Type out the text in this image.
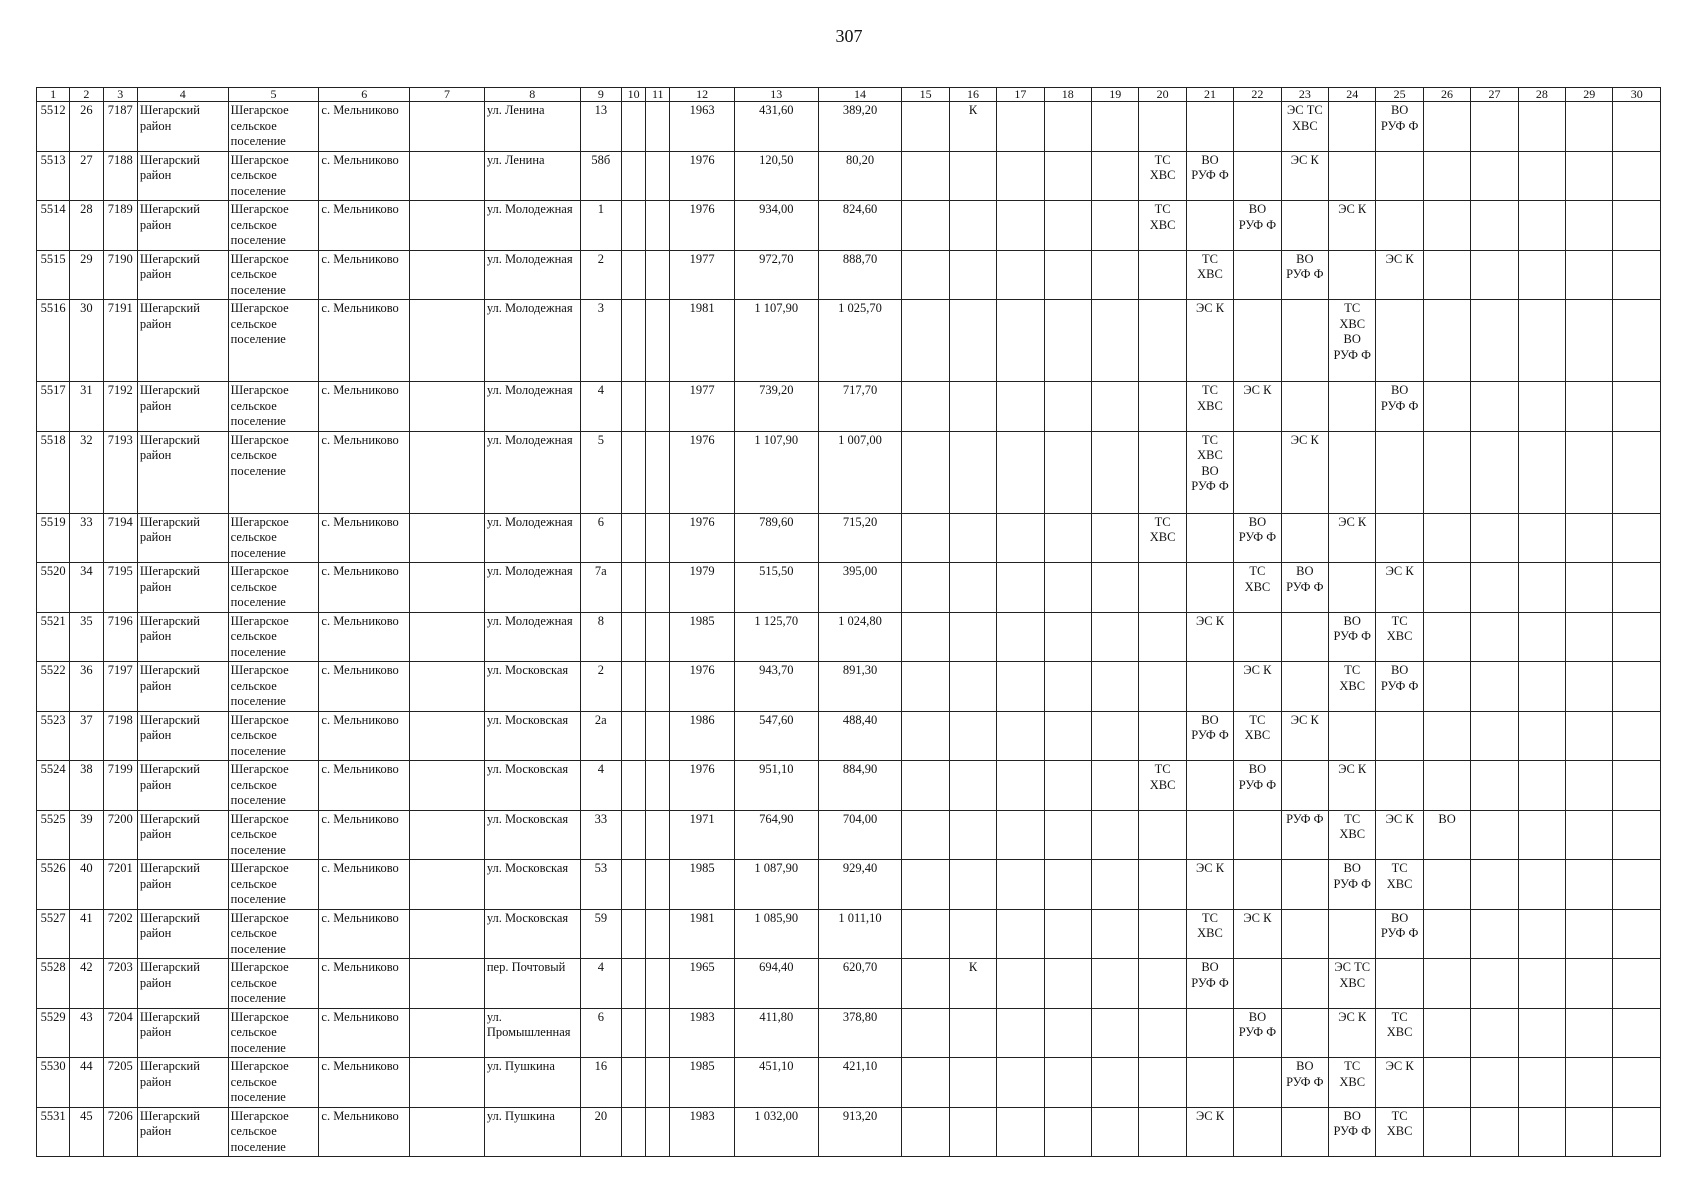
307
1	2	3	4	5	6	7	8	9	10	11	12	13	14	15	16	17	18	19	20	21	22	23	24	25	26	27	28	29	30
5512	26	7187	Шегарский район	Шегарское сельское поселение	с. Мельниково		ул. Ленина	13			1963	431,60	389,20		К							ЭС ТС ХВС		ВО РУФ Ф					
5513	27	7188	Шегарский район	Шегарское сельское поселение	с. Мельниково		ул. Ленина	58б			1976	120,50	80,20						ТС ХВС	ВО РУФ Ф		ЭС К							
5514	28	7189	Шегарский район	Шегарское сельское поселение	с. Мельниково		ул. Молодежная	1			1976	934,00	824,60						ТС ХВС		ВО РУФ Ф		ЭС К						
5515	29	7190	Шегарский район	Шегарское сельское поселение	с. Мельниково		ул. Молодежная	2			1977	972,70	888,70							ТС ХВС		ВО РУФ Ф		ЭС К					
5516	30	7191	Шегарский район	Шегарское сельское поселение	с. Мельниково		ул. Молодежная	3			1981	1 107,90	1 025,70							ЭС К			ТС ХВС ВО РУФ Ф						
5517	31	7192	Шегарский район	Шегарское сельское поселение	с. Мельниково		ул. Молодежная	4			1977	739,20	717,70							ТС ХВС	ЭС К			ВО РУФ Ф					
5518	32	7193	Шегарский район	Шегарское сельское поселение	с. Мельниково		ул. Молодежная	5			1976	1 107,90	1 007,00							ТС ХВС ВО РУФ Ф		ЭС К							
5519	33	7194	Шегарский район	Шегарское сельское поселение	с. Мельниково		ул. Молодежная	6			1976	789,60	715,20						ТС ХВС		ВО РУФ Ф		ЭС К						
5520	34	7195	Шегарский район	Шегарское сельское поселение	с. Мельниково		ул. Молодежная	7а			1979	515,50	395,00								ТС ХВС	ВО РУФ Ф		ЭС К					
5521	35	7196	Шегарский район	Шегарское сельское поселение	с. Мельниково		ул. Молодежная	8			1985	1 125,70	1 024,80							ЭС К			ВО РУФ Ф	ТС ХВС					
5522	36	7197	Шегарский район	Шегарское сельское поселение	с. Мельниково		ул. Московская	2			1976	943,70	891,30								ЭС К		ТС ХВС	ВО РУФ Ф					
5523	37	7198	Шегарский район	Шегарское сельское поселение	с. Мельниково		ул. Московская	2а			1986	547,60	488,40							ВО РУФ Ф	ТС ХВС	ЭС К							
5524	38	7199	Шегарский район	Шегарское сельское поселение	с. Мельниково		ул. Московская	4			1976	951,10	884,90						ТС ХВС		ВО РУФ Ф		ЭС К						
5525	39	7200	Шегарский район	Шегарское сельское поселение	с. Мельниково		ул. Московская	33			1971	764,90	704,00									РУФ Ф	ТС ХВС	ЭС К	ВО				
5526	40	7201	Шегарский район	Шегарское сельское поселение	с. Мельниково		ул. Московская	53			1985	1 087,90	929,40							ЭС К			ВО РУФ Ф	ТС ХВС					
5527	41	7202	Шегарский район	Шегарское сельское поселение	с. Мельниково		ул. Московская	59			1981	1 085,90	1 011,10							ТС ХВС	ЭС К			ВО РУФ Ф					
5528	42	7203	Шегарский район	Шегарское сельское поселение	с. Мельниково		пер. Почтовый	4			1965	694,40	620,70		К					ВО РУФ Ф			ЭС ТС ХВС						
5529	43	7204	Шегарский район	Шегарское сельское поселение	с. Мельниково		ул. Промышленная	6			1983	411,80	378,80								ВО РУФ Ф		ЭС К	ТС ХВС					
5530	44	7205	Шегарский район	Шегарское сельское поселение	с. Мельниково		ул. Пушкина	16			1985	451,10	421,10									ВО РУФ Ф	ТС ХВС	ЭС К					
5531	45	7206	Шегарский район	Шегарское сельское поселение	с. Мельниково		ул. Пушкина	20			1983	1 032,00	913,20							ЭС К			ВО РУФ Ф	ТС ХВС					
